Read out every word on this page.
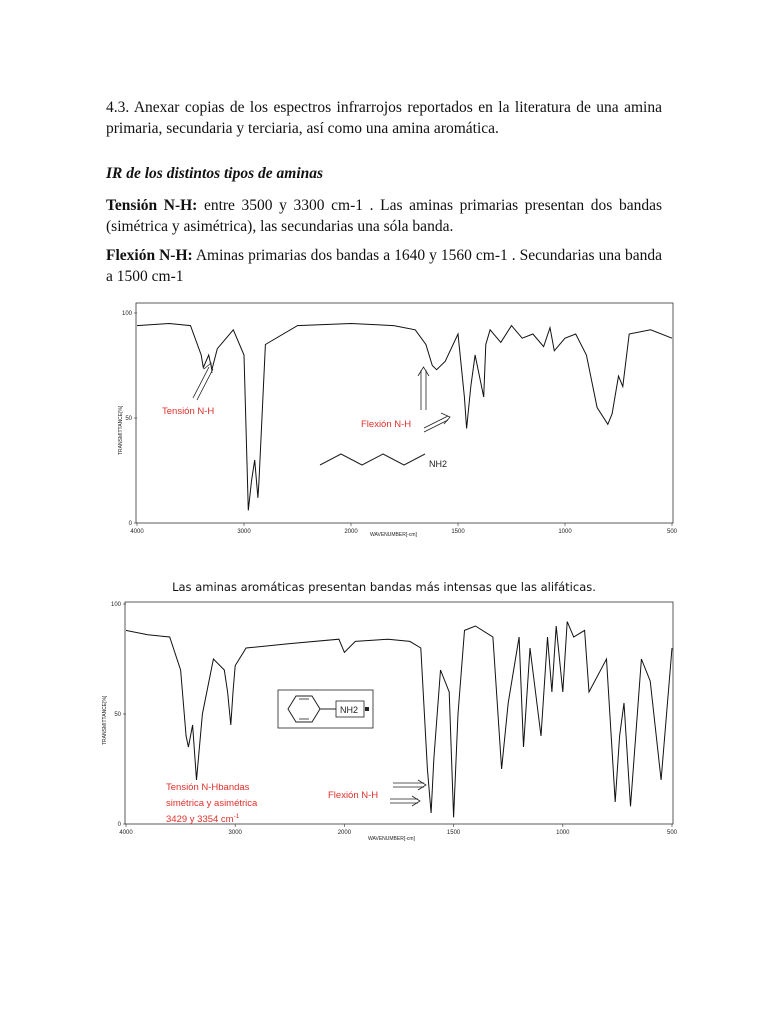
4.3. Anexar copias de los espectros infrarrojos reportados en la literatura de una amina primaria, secundaria y terciaria, así como una amina aromática.

IR de los distintos tipos de aminas

Tensión N-H: entre 3500 y 3300 cm-1 . Las aminas primarias presentan dos bandas (simétrica y asimétrica), las secundarias una sóla banda.

Flexión N-H: Aminas primarias dos bandas a 1640 y 1560 cm-1 . Secundarias una banda a 1500 cm-1

100
50
0
4000	3000	2000	1500	1000	500
TRANSMITTANCE[%]
WAVENUMBER[-cm]
Tensión N-H
Flexión N-H
NH2

Las aminas aromáticas presentan bandas más intensas que las alifáticas.

100
50
0
4000	3000	2000	1500	1000	500
TRANSMITTANCE[%]
WAVENUMBER[-cm]
NH2
Tensión N-Hbandas
simétrica y asimétrica
3429 y 3354 $cm^{-1}$
Flexión N-H
